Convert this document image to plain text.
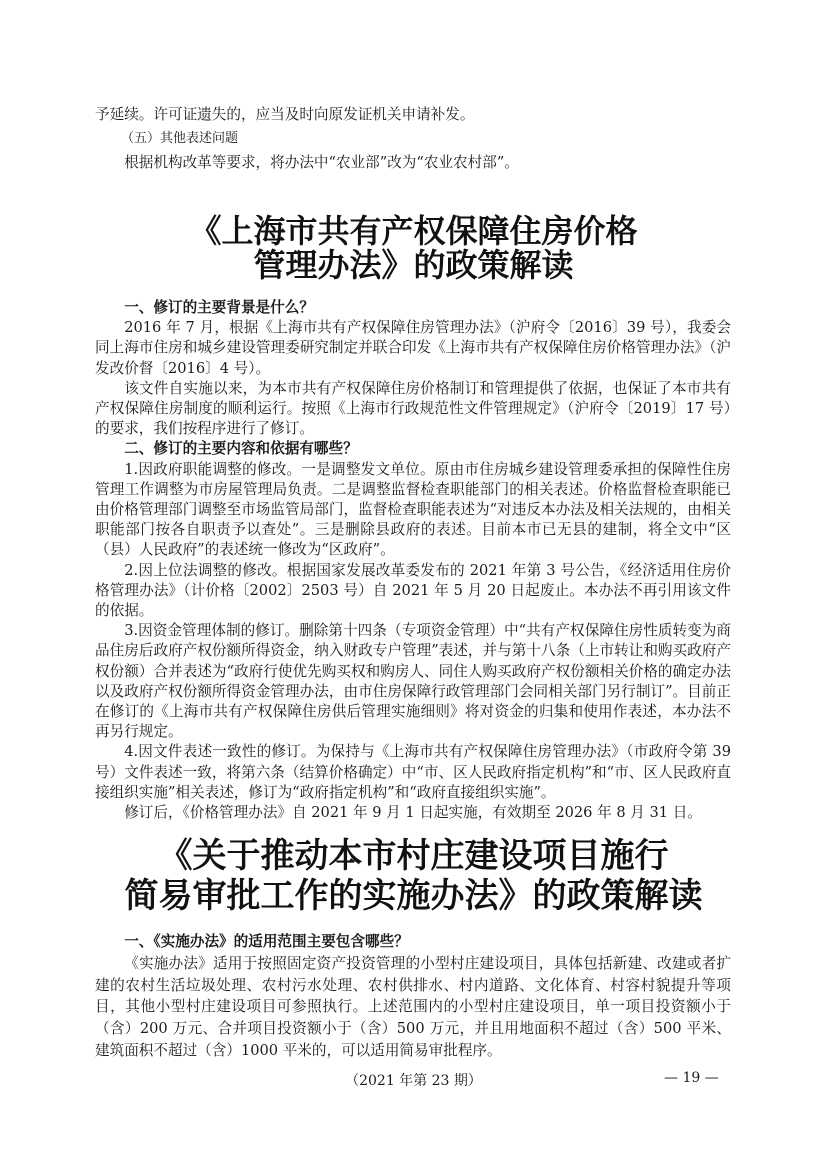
予延续。许可证遗失的，应当及时向原发证机关申请补发。

（五）其他表述问题

根据机构改革等要求，将办法中“农业部”改为“农业农村部”。

《上海市共有产权保障住房价格
管理办法》的政策解读
一、修订的主要背景是什么？

2016 年 7 月，根据《上海市共有产权保障住房管理办法》（沪府令〔2016〕39 号），我委会同上海市住房和城乡建设管理委研究制定并联合印发《上海市共有产权保障住房价格管理办法》（沪发改价督〔2016〕4 号）。

该文件自实施以来，为本市共有产权保障住房价格制订和管理提供了依据，也保证了本市共有产权保障住房制度的顺利运行。按照《上海市行政规范性文件管理规定》（沪府令〔2019〕17 号）的要求，我们按程序进行了修订。

二、修订的主要内容和依据有哪些？

1.因政府职能调整的修改。一是调整发文单位。原由市住房城乡建设管理委承担的保障性住房管理工作调整为市房屋管理局负责。二是调整监督检查职能部门的相关表述。价格监督检查职能已由价格管理部门调整至市场监管局部门，监督检查职能表述为“对违反本办法及相关法规的，由相关职能部门按各自职责予以查处”。三是删除县政府的表述。目前本市已无县的建制，将全文中“区（县）人民政府”的表述统一修改为“区政府”。

2.因上位法调整的修改。根据国家发展改革委发布的 2021 年第 3 号公告，《经济适用住房价格管理办法》（计价格〔2002〕2503 号）自 2021 年 5 月 20 日起废止。本办法不再引用该文件的依据。

3.因资金管理体制的修订。删除第十四条（专项资金管理）中“共有产权保障住房性质转变为商品住房后政府产权份额所得资金，纳入财政专户管理”表述，并与第十八条（上市转让和购买政府产权份额）合并表述为“政府行使优先购买权和购房人、同住人购买政府产权份额相关价格的确定办法以及政府产权份额所得资金管理办法，由市住房保障行政管理部门会同相关部门另行制订”。目前正在修订的《上海市共有产权保障住房供后管理实施细则》将对资金的归集和使用作表述，本办法不再另行规定。

4.因文件表述一致性的修订。为保持与《上海市共有产权保障住房管理办法》（市政府令第 39 号）文件表述一致，将第六条（结算价格确定）中“市、区人民政府指定机构”和“市、区人民政府直接组织实施”相关表述，修订为“政府指定机构”和“政府直接组织实施”。

修订后，《价格管理办法》自 2021 年 9 月 1 日起实施，有效期至 2026 年 8 月 31 日。

《关于推动本市村庄建设项目施行
简易审批工作的实施办法》的政策解读
一、《实施办法》的适用范围主要包含哪些？

《实施办法》适用于按照固定资产投资管理的小型村庄建设项目，具体包括新建、改建或者扩建的农村生活垃圾处理、农村污水处理、农村供排水、村内道路、文化体育、村容村貌提升等项目，其他小型村庄建设项目可参照执行。上述范围内的小型村庄建设项目，单一项目投资额小于（含）200 万元、合并项目投资额小于（含）500 万元，并且用地面积不超过（含）500 平米、建筑面积不超过（含）1000 平米的，可以适用简易审批程序。

（2021 年第 23 期）	— 19 —
